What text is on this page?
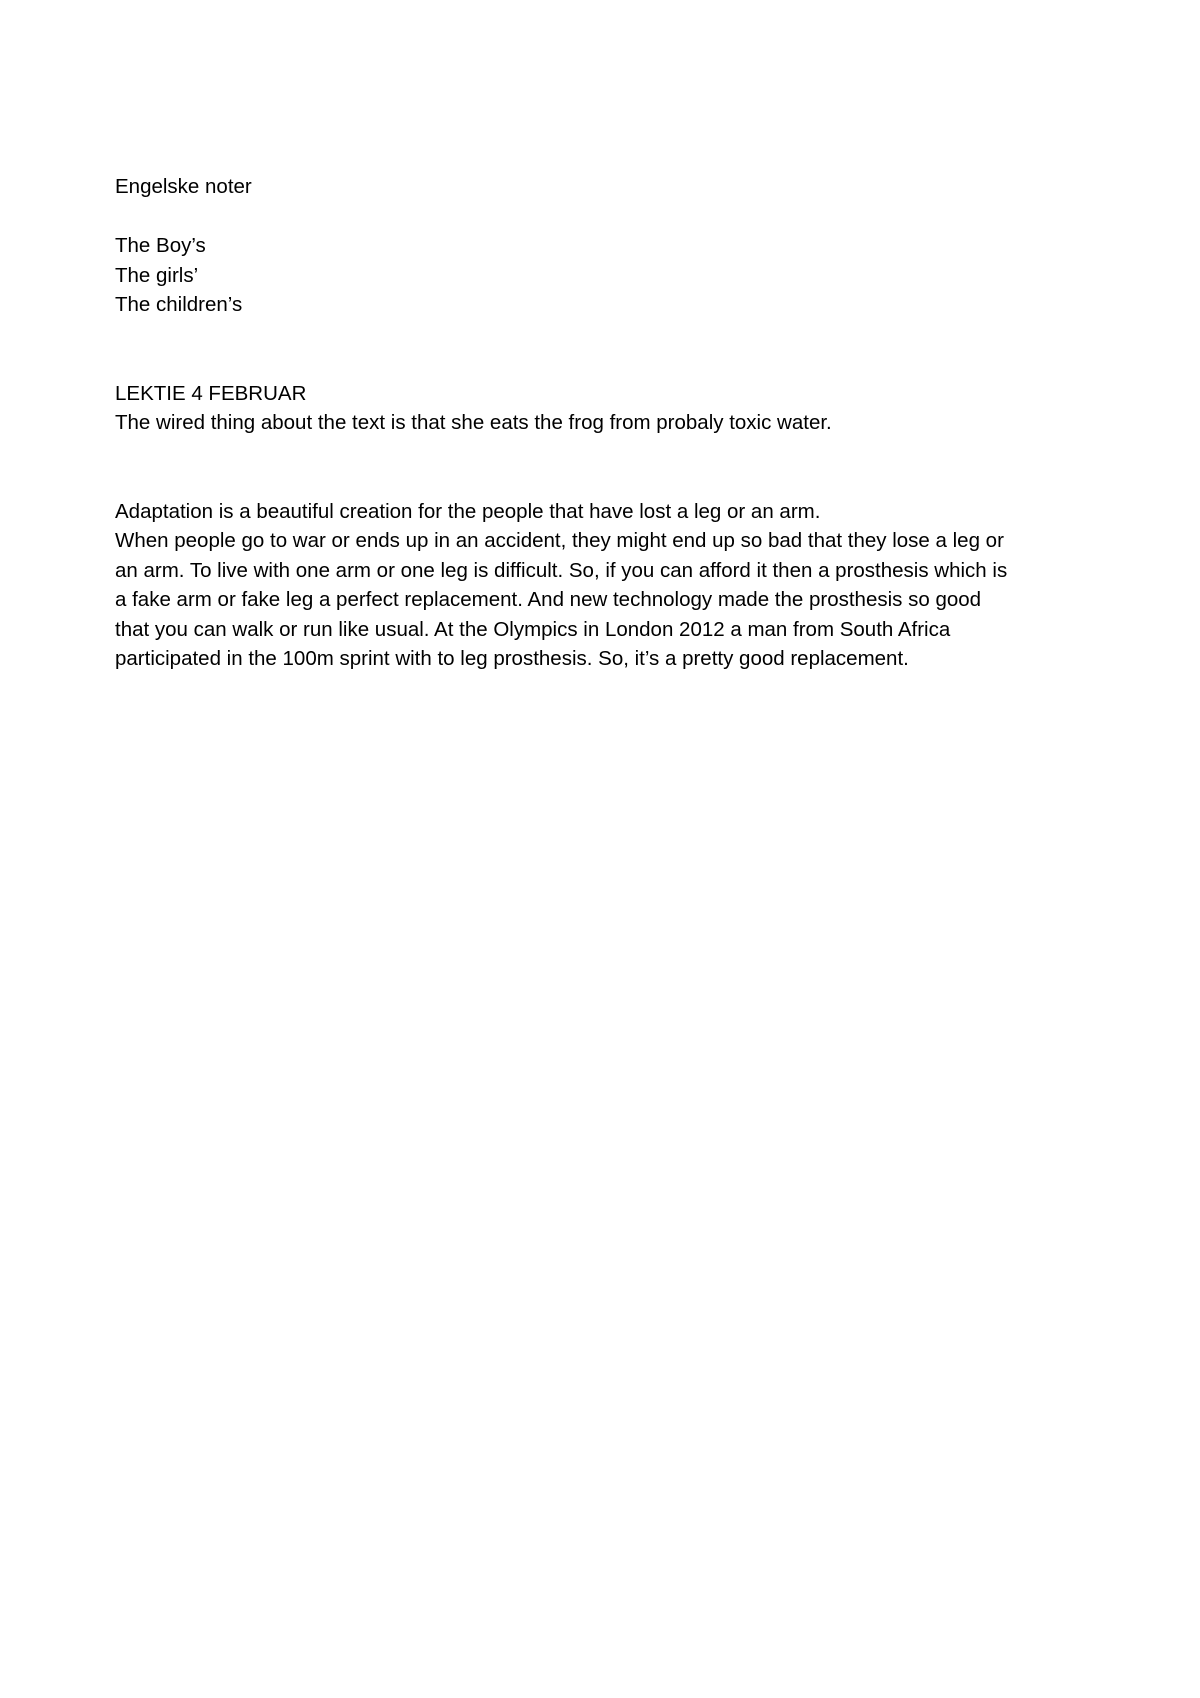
Engelske noter
The Boy’s
The girls’
The children’s
LEKTIE 4 FEBRUAR
The wired thing about the text is that she eats the frog from probaly toxic water.
Adaptation is a beautiful creation for the people that have lost a leg or an arm.
When people go to war or ends up in an accident, they might end up so bad that they lose a leg or
an arm. To live with one arm or one leg is difficult. So, if you can afford it then a prosthesis which is
a fake arm or fake leg a perfect replacement. And new technology made the prosthesis so good
that you can walk or run like usual. At the Olympics in London 2012 a man from South Africa
participated in the 100m sprint with to leg prosthesis. So, it’s a pretty good replacement.
